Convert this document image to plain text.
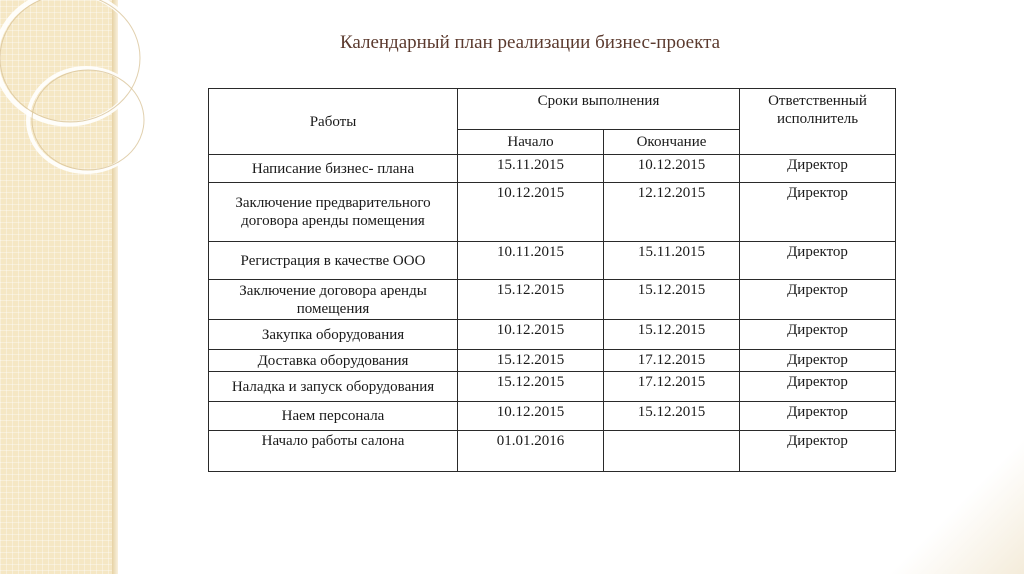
Календарный план реализации бизнес-проекта
Работы	Сроки выполнения		Ответственный исполнитель
	Начало	Окончание	
Написание бизнес- плана	15.11.2015	10.12.2015	Директор
Заключение предварительного договора аренды помещения	10.12.2015	12.12.2015	Директор
Регистрация в качестве ООО	10.11.2015	15.11.2015	Директор
Заключение договора аренды помещения	15.12.2015	15.12.2015	Директор
Закупка оборудования	10.12.2015	15.12.2015	Директор
Доставка оборудования	15.12.2015	17.12.2015	Директор
Наладка и запуск оборудования	15.12.2015	17.12.2015	Директор
Наем персонала	10.12.2015	15.12.2015	Директор
Начало работы салона	01.01.2016		Директор
